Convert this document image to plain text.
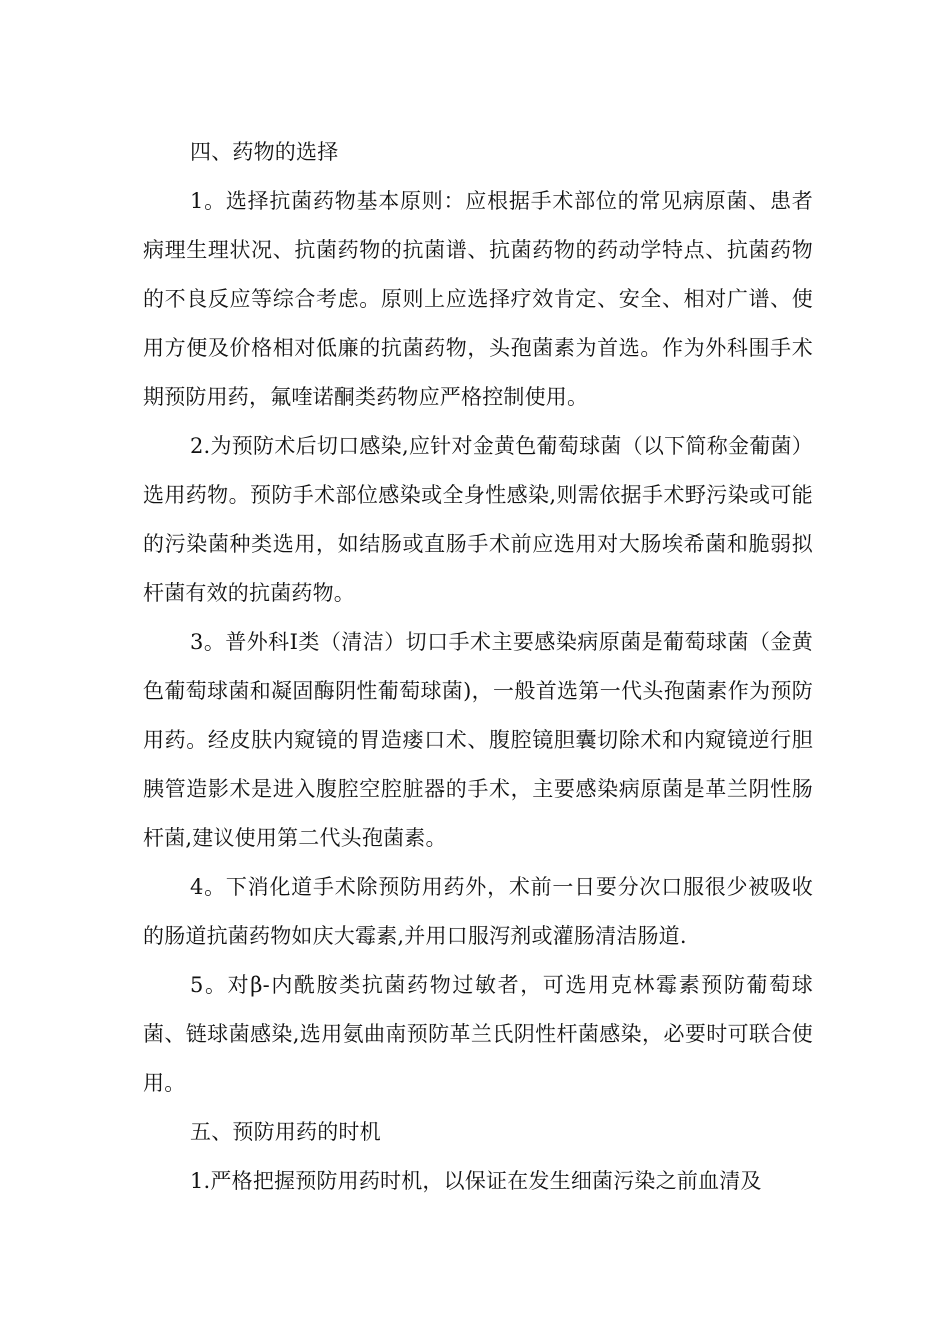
四、药物的选择

1。选择抗菌药物基本原则：应根据手术部位的常见病原菌、患者病理生理状况、抗菌药物的抗菌谱、抗菌药物的药动学特点、抗菌药物的不良反应等综合考虑。原则上应选择疗效肯定、安全、相对广谱、使用方便及价格相对低廉的抗菌药物，头孢菌素为首选。作为外科围手术期预防用药，氟喹诺酮类药物应严格控制使用。

2.为预防术后切口感染,应针对金黄色葡萄球菌（以下简称金葡菌）选用药物。预防手术部位感染或全身性感染,则需依据手术野污染或可能的污染菌种类选用，如结肠或直肠手术前应选用对大肠埃希菌和脆弱拟杆菌有效的抗菌药物。

3。普外科Ⅰ类（清洁）切口手术主要感染病原菌是葡萄球菌（金黄色葡萄球菌和凝固酶阴性葡萄球菌)，一般首选第一代头孢菌素作为预防用药。经皮肤内窥镜的胃造瘘口术、腹腔镜胆囊切除术和内窥镜逆行胆胰管造影术是进入腹腔空腔脏器的手术，主要感染病原菌是革兰阴性肠杆菌,建议使用第二代头孢菌素。

4。下消化道手术除预防用药外，术前一日要分次口服很少被吸收的肠道抗菌药物如庆大霉素,并用口服泻剂或灌肠清洁肠道.

5。对β-内酰胺类抗菌药物过敏者，可选用克林霉素预防葡萄球菌、链球菌感染,选用氨曲南预防革兰氏阴性杆菌感染，必要时可联合使用。

五、预防用药的时机

1.严格把握预防用药时机，以保证在发生细菌污染之前血清及
